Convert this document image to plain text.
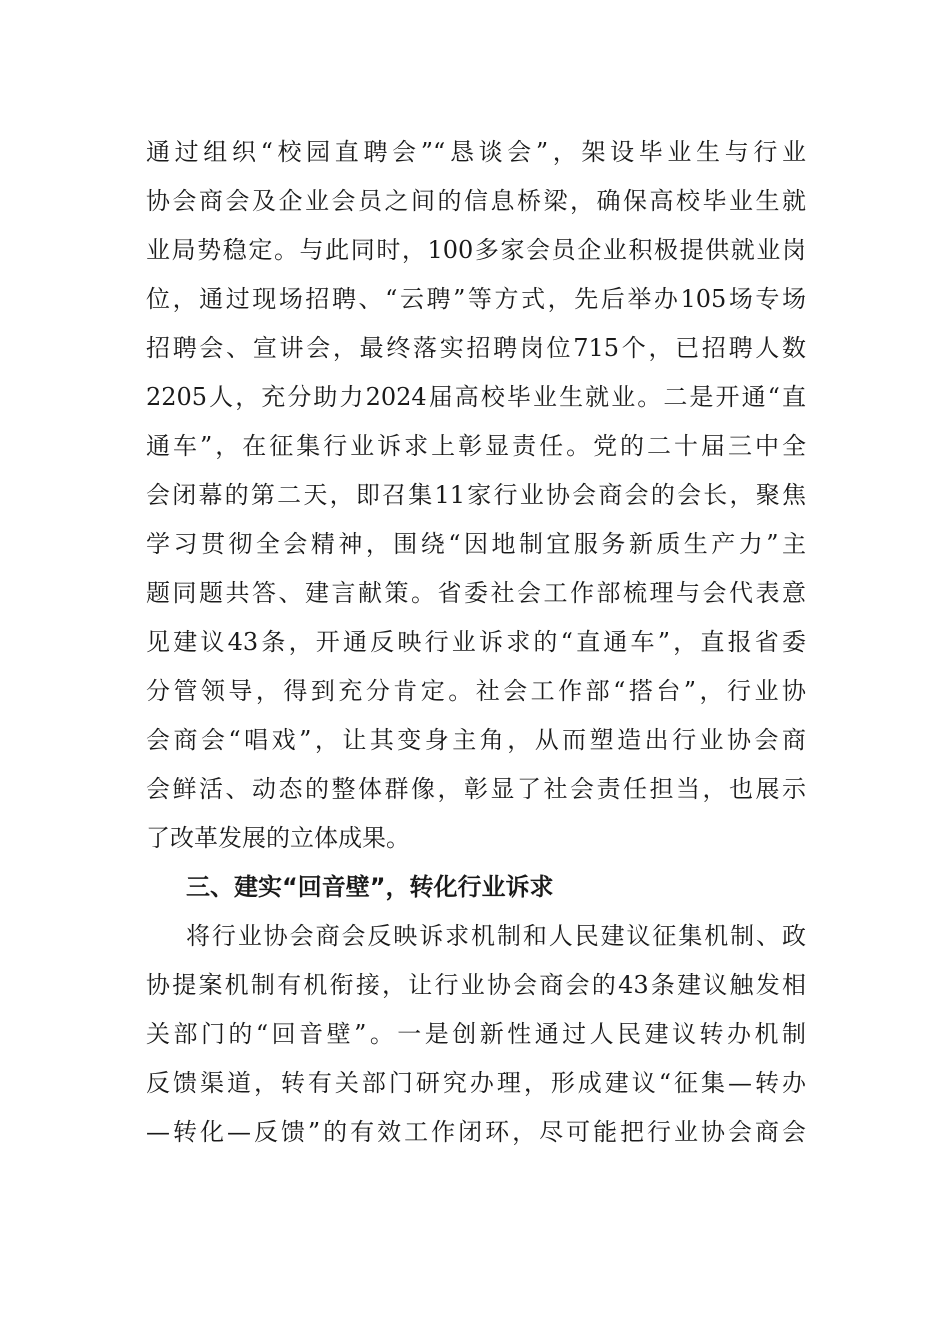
通过组织“校园直聘会”“恳谈会”，架设毕业生与行业
协会商会及企业会员之间的信息桥梁，确保高校毕业生就
业局势稳定。与此同时，100多家会员企业积极提供就业岗
位，通过现场招聘、“云聘”等方式，先后举办105场专场
招聘会、宣讲会，最终落实招聘岗位715个，已招聘人数
2205人，充分助力2024届高校毕业生就业。二是开通“直
通车”，在征集行业诉求上彰显责任。党的二十届三中全
会闭幕的第二天，即召集11家行业协会商会的会长，聚焦
学习贯彻全会精神，围绕“因地制宜服务新质生产力”主
题同题共答、建言献策。省委社会工作部梳理与会代表意
见建议43条，开通反映行业诉求的“直通车”，直报省委
分管领导，得到充分肯定。社会工作部“搭台”，行业协
会商会“唱戏”，让其变身主角，从而塑造出行业协会商
会鲜活、动态的整体群像，彰显了社会责任担当，也展示
了改革发展的立体成果。
三、建实“回音壁”，转化行业诉求
将行业协会商会反映诉求机制和人民建议征集机制、政
协提案机制有机衔接，让行业协会商会的43条建议触发相
关部门的“回音壁”。一是创新性通过人民建议转办机制
反馈渠道，转有关部门研究办理，形成建议“征集—转办
—转化—反馈”的有效工作闭环，尽可能把行业协会商会
